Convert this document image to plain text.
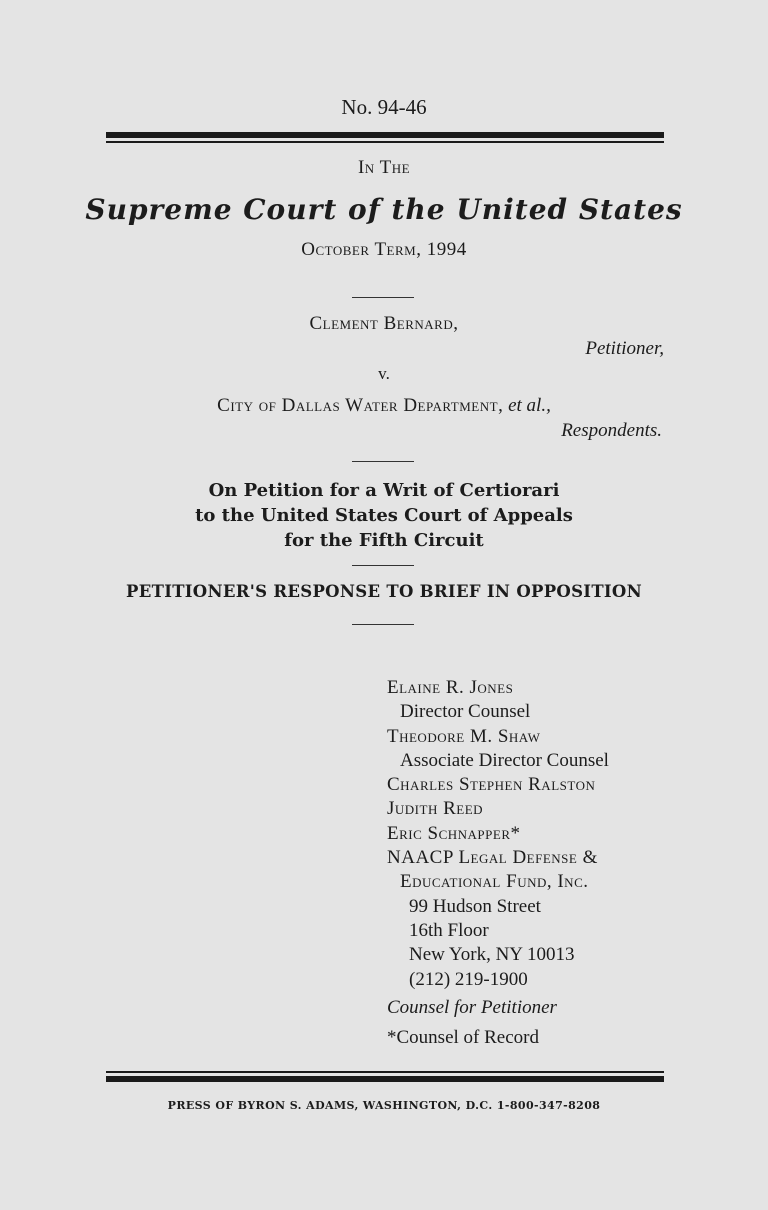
No. 94-46
In The
Supreme Court of the United States
October Term, 1994
Clement Bernard,
Petitioner,
v.
City of Dallas Water Department, et al.,
Respondents.
On Petition for a Writ of Certiorari
to the United States Court of Appeals
for the Fifth Circuit
PETITIONER'S RESPONSE TO BRIEF IN OPPOSITION
Elaine R. Jones
Director Counsel
Theodore M. Shaw
Associate Director Counsel
Charles Stephen Ralston
Judith Reed
Eric Schnapper*
NAACP Legal Defense &
Educational Fund, Inc.
99 Hudson Street
16th Floor
New York, NY 10013
(212) 219-1900
Counsel for Petitioner
*Counsel of Record
PRESS OF BYRON S. ADAMS, WASHINGTON, D.C. 1-800-347-8208
